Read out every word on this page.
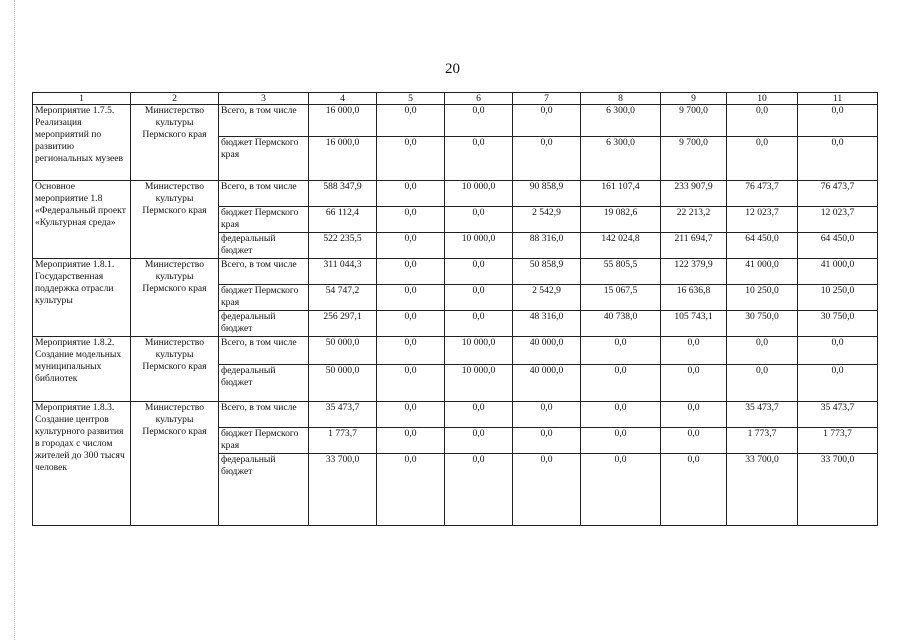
20
1	2	3	4	5	6	7	8	9	10	11
Мероприятие 1.7.5. Реализация мероприятий по развитию региональных музеев	Министерство культуры Пермского края	Всего, в том числе	16 000,0	0,0	0,0	0,0	6 300,0	9 700,0	0,0	0,0
		бюджет Пермского края	16 000,0	0,0	0,0	0,0	6 300,0	9 700,0	0,0	0,0
Основное мероприятие 1.8 «Федеральный проект «Культурная среда»	Министерство культуры Пермского края	Всего, в том числе	588 347,9	0,0	10 000,0	90 858,9	161 107,4	233 907,9	76 473,7	76 473,7
		бюджет Пермского края	66 112,4	0,0	0,0	2 542,9	19 082,6	22 213,2	12 023,7	12 023,7
		федеральный бюджет	522 235,5	0,0	10 000,0	88 316,0	142 024,8	211 694,7	64 450,0	64 450,0
Мероприятие 1.8.1. Государственная поддержка отрасли культуры	Министерство культуры Пермского края	Всего, в том числе	311 044,3	0,0	0,0	50 858,9	55 805,5	122 379,9	41 000,0	41 000,0
		бюджет Пермского края	54 747,2	0,0	0,0	2 542,9	15 067,5	16 636,8	10 250,0	10 250,0
		федеральный бюджет	256 297,1	0,0	0,0	48 316,0	40 738,0	105 743,1	30 750,0	30 750,0
Мероприятие 1.8.2. Создание модельных муниципальных библиотек	Министерство культуры Пермского края	Всего, в том числе	50 000,0	0,0	10 000,0	40 000,0	0,0	0,0	0,0	0,0
		федеральный бюджет	50 000,0	0,0	10 000,0	40 000,0	0,0	0,0	0,0	0,0
Мероприятие 1.8.3. Создание центров культурного развития в городах с числом жителей до 300 тысяч человек	Министерство культуры Пермского края	Всего, в том числе	35 473,7	0,0	0,0	0,0	0,0	0,0	35 473,7	35 473,7
		бюджет Пермского края	1 773,7	0,0	0,0	0,0	0,0	0,0	1 773,7	1 773,7
		федеральный бюджет	33 700,0	0,0	0,0	0,0	0,0	0,0	33 700,0	33 700,0
